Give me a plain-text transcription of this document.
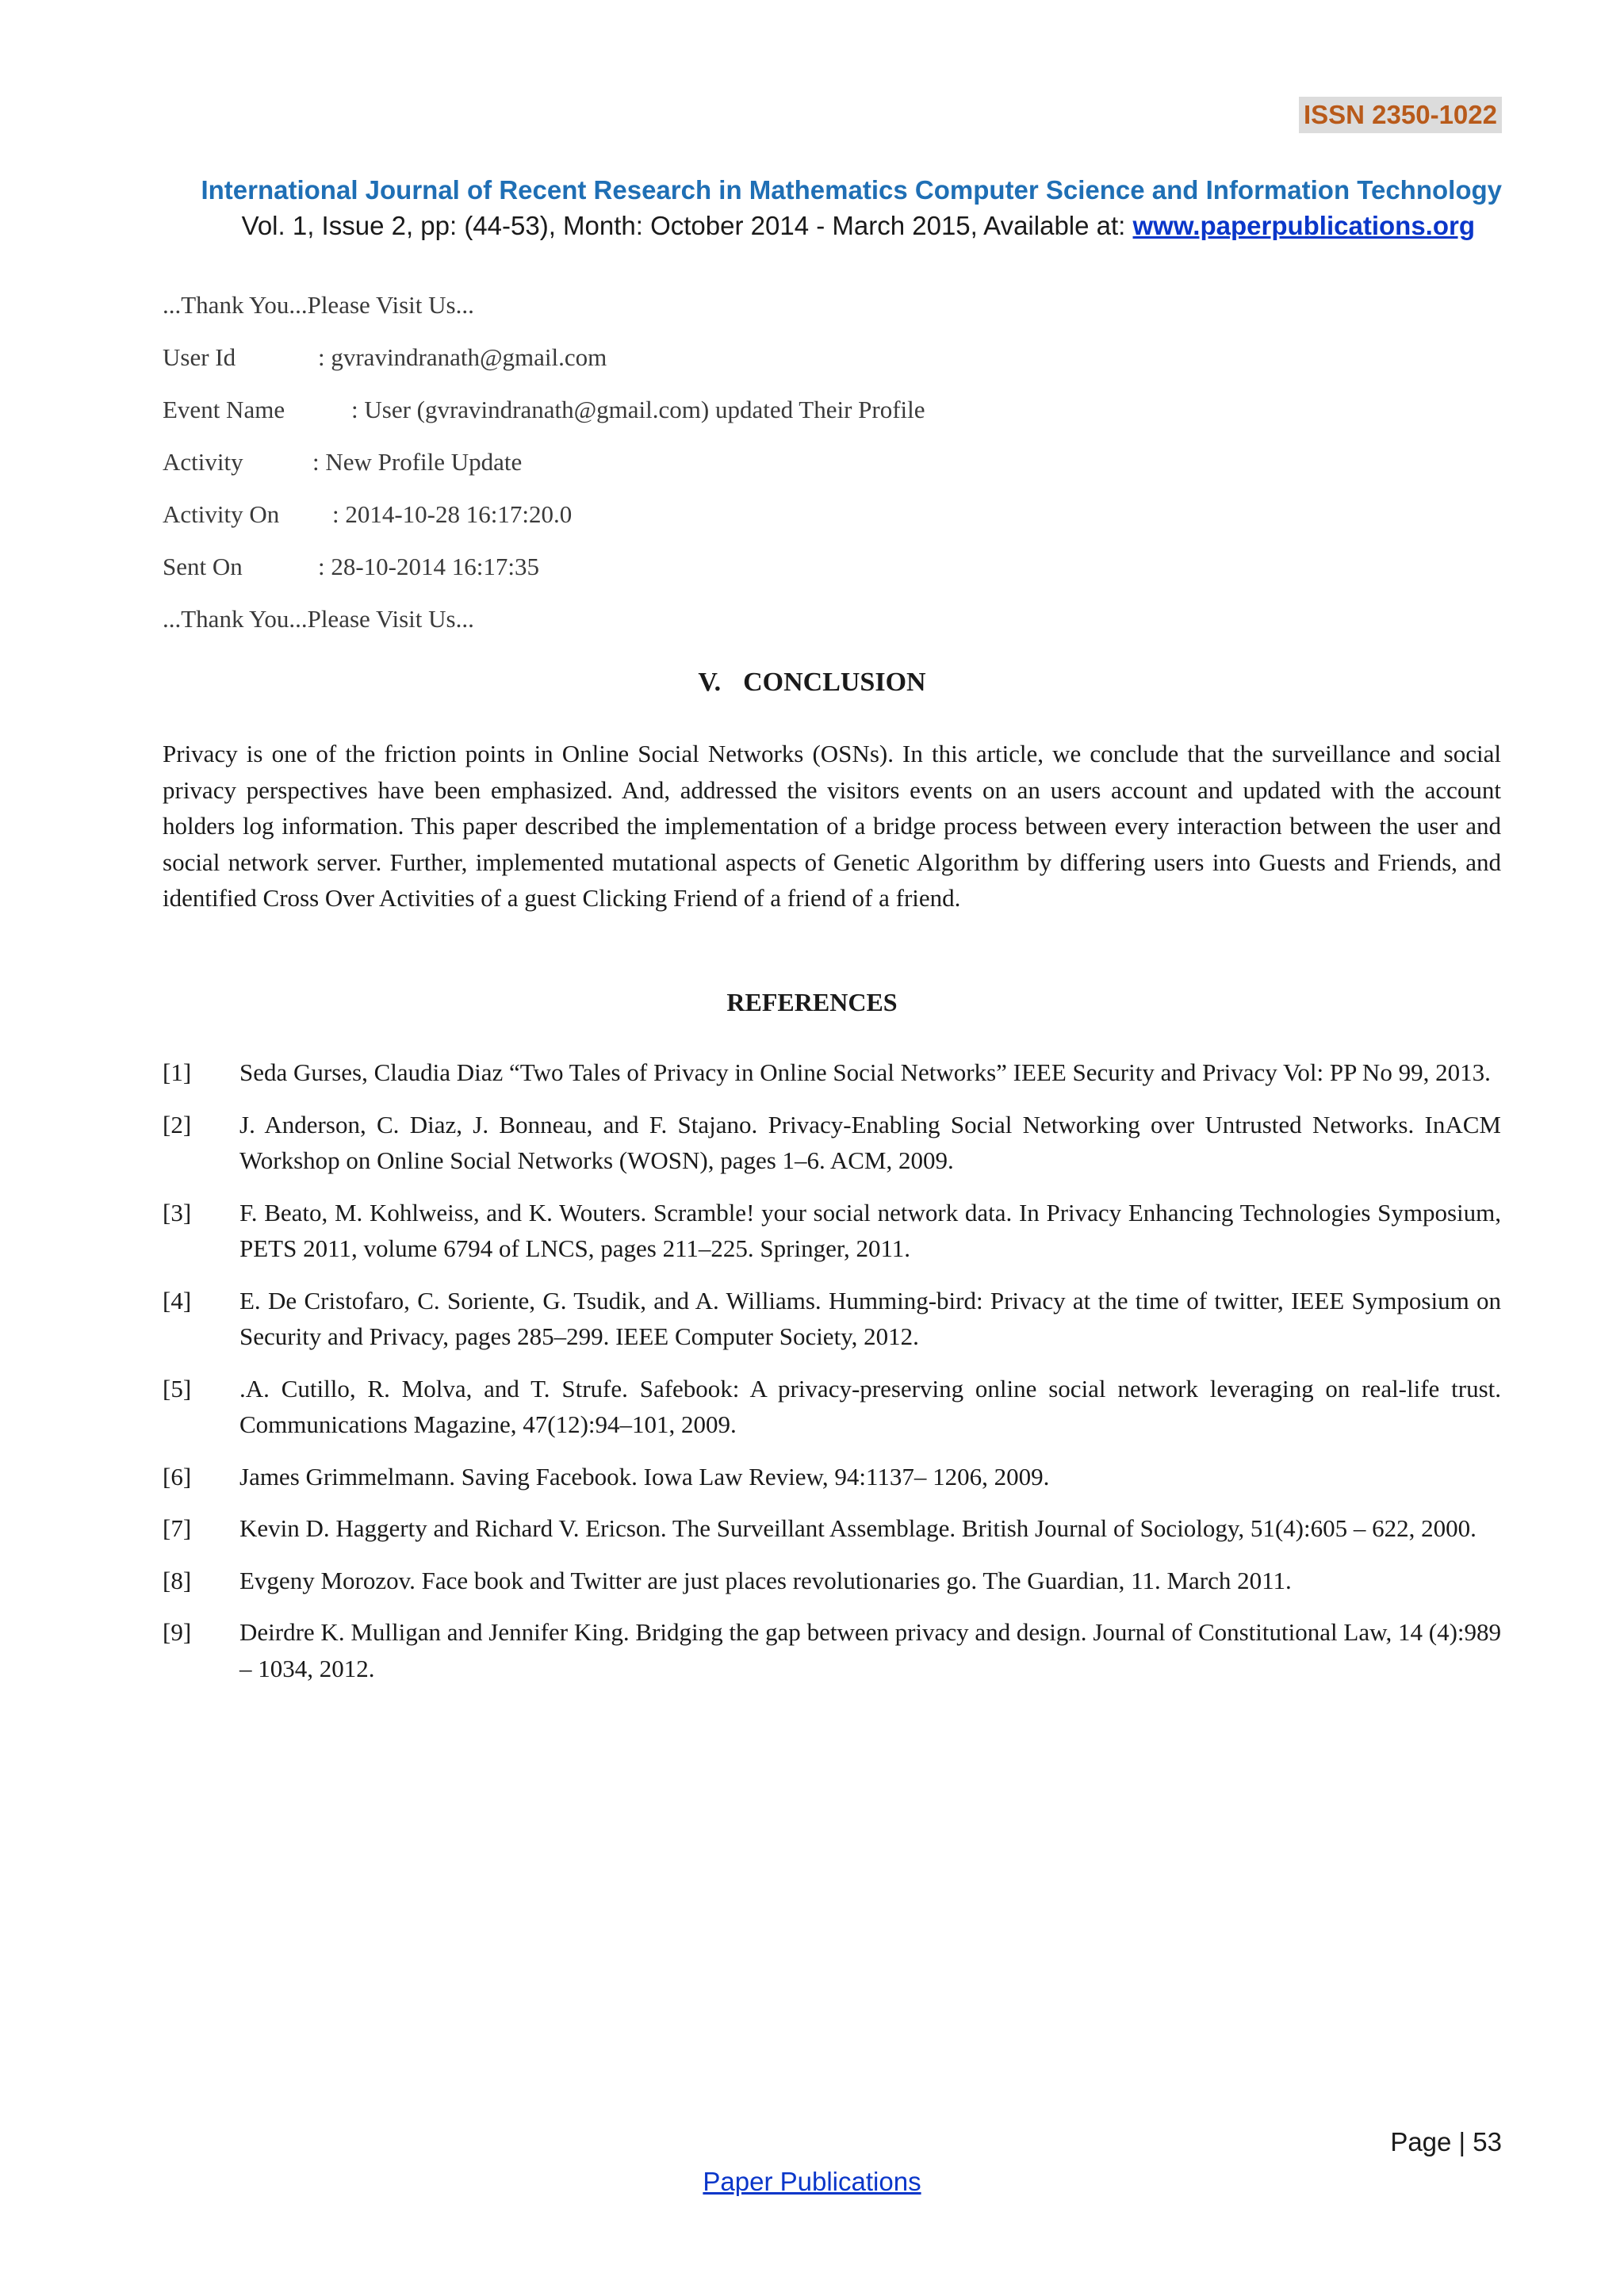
ISSN 2350-1022
International Journal of Recent Research in Mathematics Computer Science and Information Technology
Vol. 1, Issue 2, pp: (44-53), Month: October 2014 - March 2015, Available at: www.paperpublications.org
...Thank You...Please Visit Us...
User Id	: gvravindranath@gmail.com
Event Name	: User (gvravindranath@gmail.com) updated Their Profile
Activity	: New Profile Update
Activity On : 2014-10-28 16:17:20.0
Sent On	: 28-10-2014 16:17:35
...Thank You...Please Visit Us...
V. CONCLUSION

Privacy is one of the friction points in Online Social Networks (OSNs). In this article, we conclude that the surveillance and social privacy perspectives have been emphasized. And, addressed the visitors events on an users account and updated with the account holders log information. This paper described the implementation of a bridge process between every interaction between the user and social network server. Further, implemented mutational aspects of Genetic Algorithm by differing users into Guests and Friends, and identified Cross Over Activities of a guest Clicking Friend of a friend of a friend.

REFERENCES
[1]	Seda Gurses, Claudia Diaz “Two Tales of Privacy in Online Social Networks” IEEE Security and Privacy Vol: PP No 99, 2013.
[2]	J. Anderson, C. Diaz, J. Bonneau, and F. Stajano. Privacy-Enabling Social Networking over Untrusted Networks. InACM Workshop on Online Social Networks (WOSN), pages 1–6. ACM, 2009.
[3]	F. Beato, M. Kohlweiss, and K. Wouters. Scramble! your social network data. In Privacy Enhancing Technologies Symposium, PETS 2011, volume 6794 of LNCS, pages 211–225. Springer, 2011.
[4]	E. De Cristofaro, C. Soriente, G. Tsudik, and A. Williams. Humming-bird: Privacy at the time of twitter, IEEE Symposium on Security and Privacy, pages 285–299. IEEE Computer Society, 2012.
[5]	.A. Cutillo, R. Molva, and T. Strufe. Safebook: A privacy-preserving online social network leveraging on real-life trust. Communications Magazine, 47(12):94–101, 2009.
[6]	James Grimmelmann. Saving Facebook. Iowa Law Review, 94:1137– 1206, 2009.
[7]	Kevin D. Haggerty and Richard V. Ericson. The Surveillant Assemblage. British Journal of Sociology, 51(4):605 – 622, 2000.
[8]	Evgeny Morozov. Face book and Twitter are just places revolutionaries go. The Guardian, 11. March 2011.
[9]	Deirdre K. Mulligan and Jennifer King. Bridging the gap between privacy and design. Journal of Constitutional Law, 14 (4):989 – 1034, 2012.
Page | 53
Paper Publications
